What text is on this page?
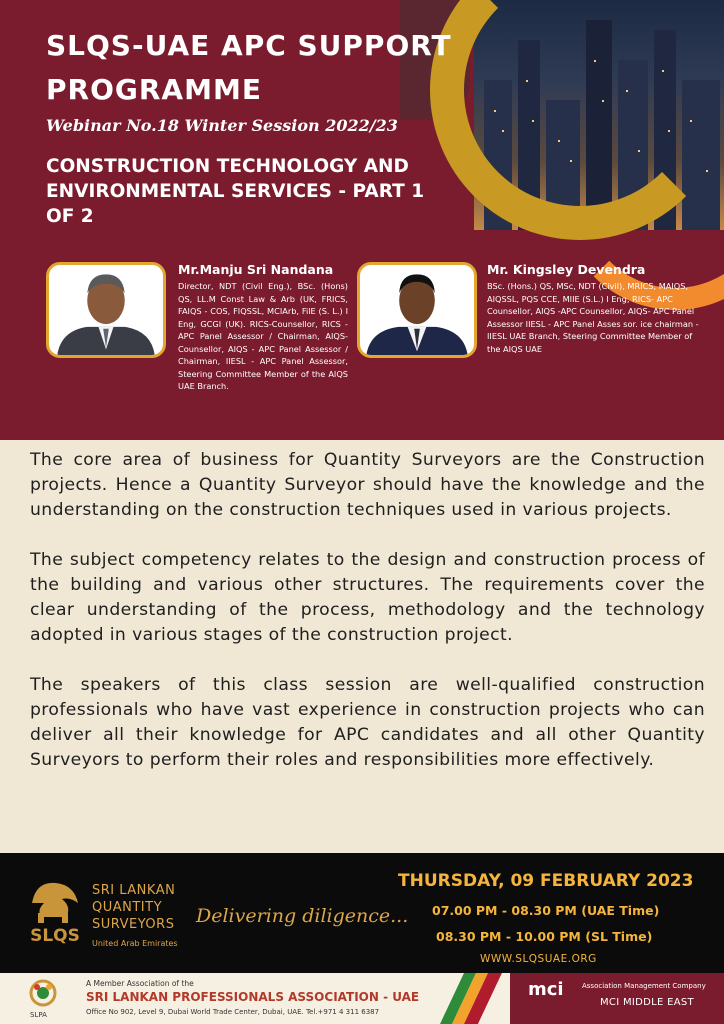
SLQS-UAE APC SUPPORT PROGRAMME
Webinar No.18 Winter Session 2022/23
CONSTRUCTION TECHNOLOGY AND ENVIRONMENTAL SERVICES - PART 1 OF 2
Mr.Manju Sri Nandana
Director, NDT (Civil Eng.), BSc. (Hons) QS, LL.M Const Law & Arb (UK, FRICS, FAIQS - COS, FIQSSL, MCIArb, FilE (S. L.) I Eng, GCGI (UK). RICS-Counsellor, RICS - APC Panel Assessor / Chairman, AIQS-Counsellor, AIQS - APC Panel Assessor / Chairman, IIESL - APC Panel Assessor, Steering Committee Member of the AIQS UAE Branch.
Mr. Kingsley Devendra
BSc. (Hons.) QS, MSc, NDT (Civil), MRICS, MAIQS, AIQSSL, PQS CCE, MIIE (S.L.) I Eng, RICS- APC Counsellor, AIQS -APC Counsellor, AIQS- APC Panel Assessor IIESL - APC Panel Asses sor. ice chairman - IIESL UAE Branch, Steering Committee Member of the AIQS UAE

The core area of business for Quantity Surveyors are the Construction projects. Hence a Quantity Surveyor should have the knowledge and the understanding on the construction techniques used in various projects.

The subject competency relates to the design and construction process of the building and various other structures. The requirements cover the clear understanding of the process, methodology and the technology adopted in various stages of the construction project.

The speakers of this class session are well-qualified construction professionals who have vast experience in construction projects who can deliver all their knowledge for APC candidates and all other Quantity Surveyors to perform their roles and responsibilities more effectively.

SLQS
SRI LANKAN
QUANTITY
SURVEYORS
United Arab Emirates
Delivering diligence...
THURSDAY, 09 FEBRUARY 2023
07.00 PM - 08.30 PM (UAE Time)
08.30 PM - 10.00 PM (SL Time)
WWW.SLQSUAE.ORG
SLPA
A Member Association of the
SRI LANKAN PROFESSIONALS ASSOCIATION - UAE
Office No 902, Level 9, Dubai World Trade Center, Dubai, UAE. Tel.+971 4 311 6387
mci	Association Management Company
MCI MIDDLE EAST
